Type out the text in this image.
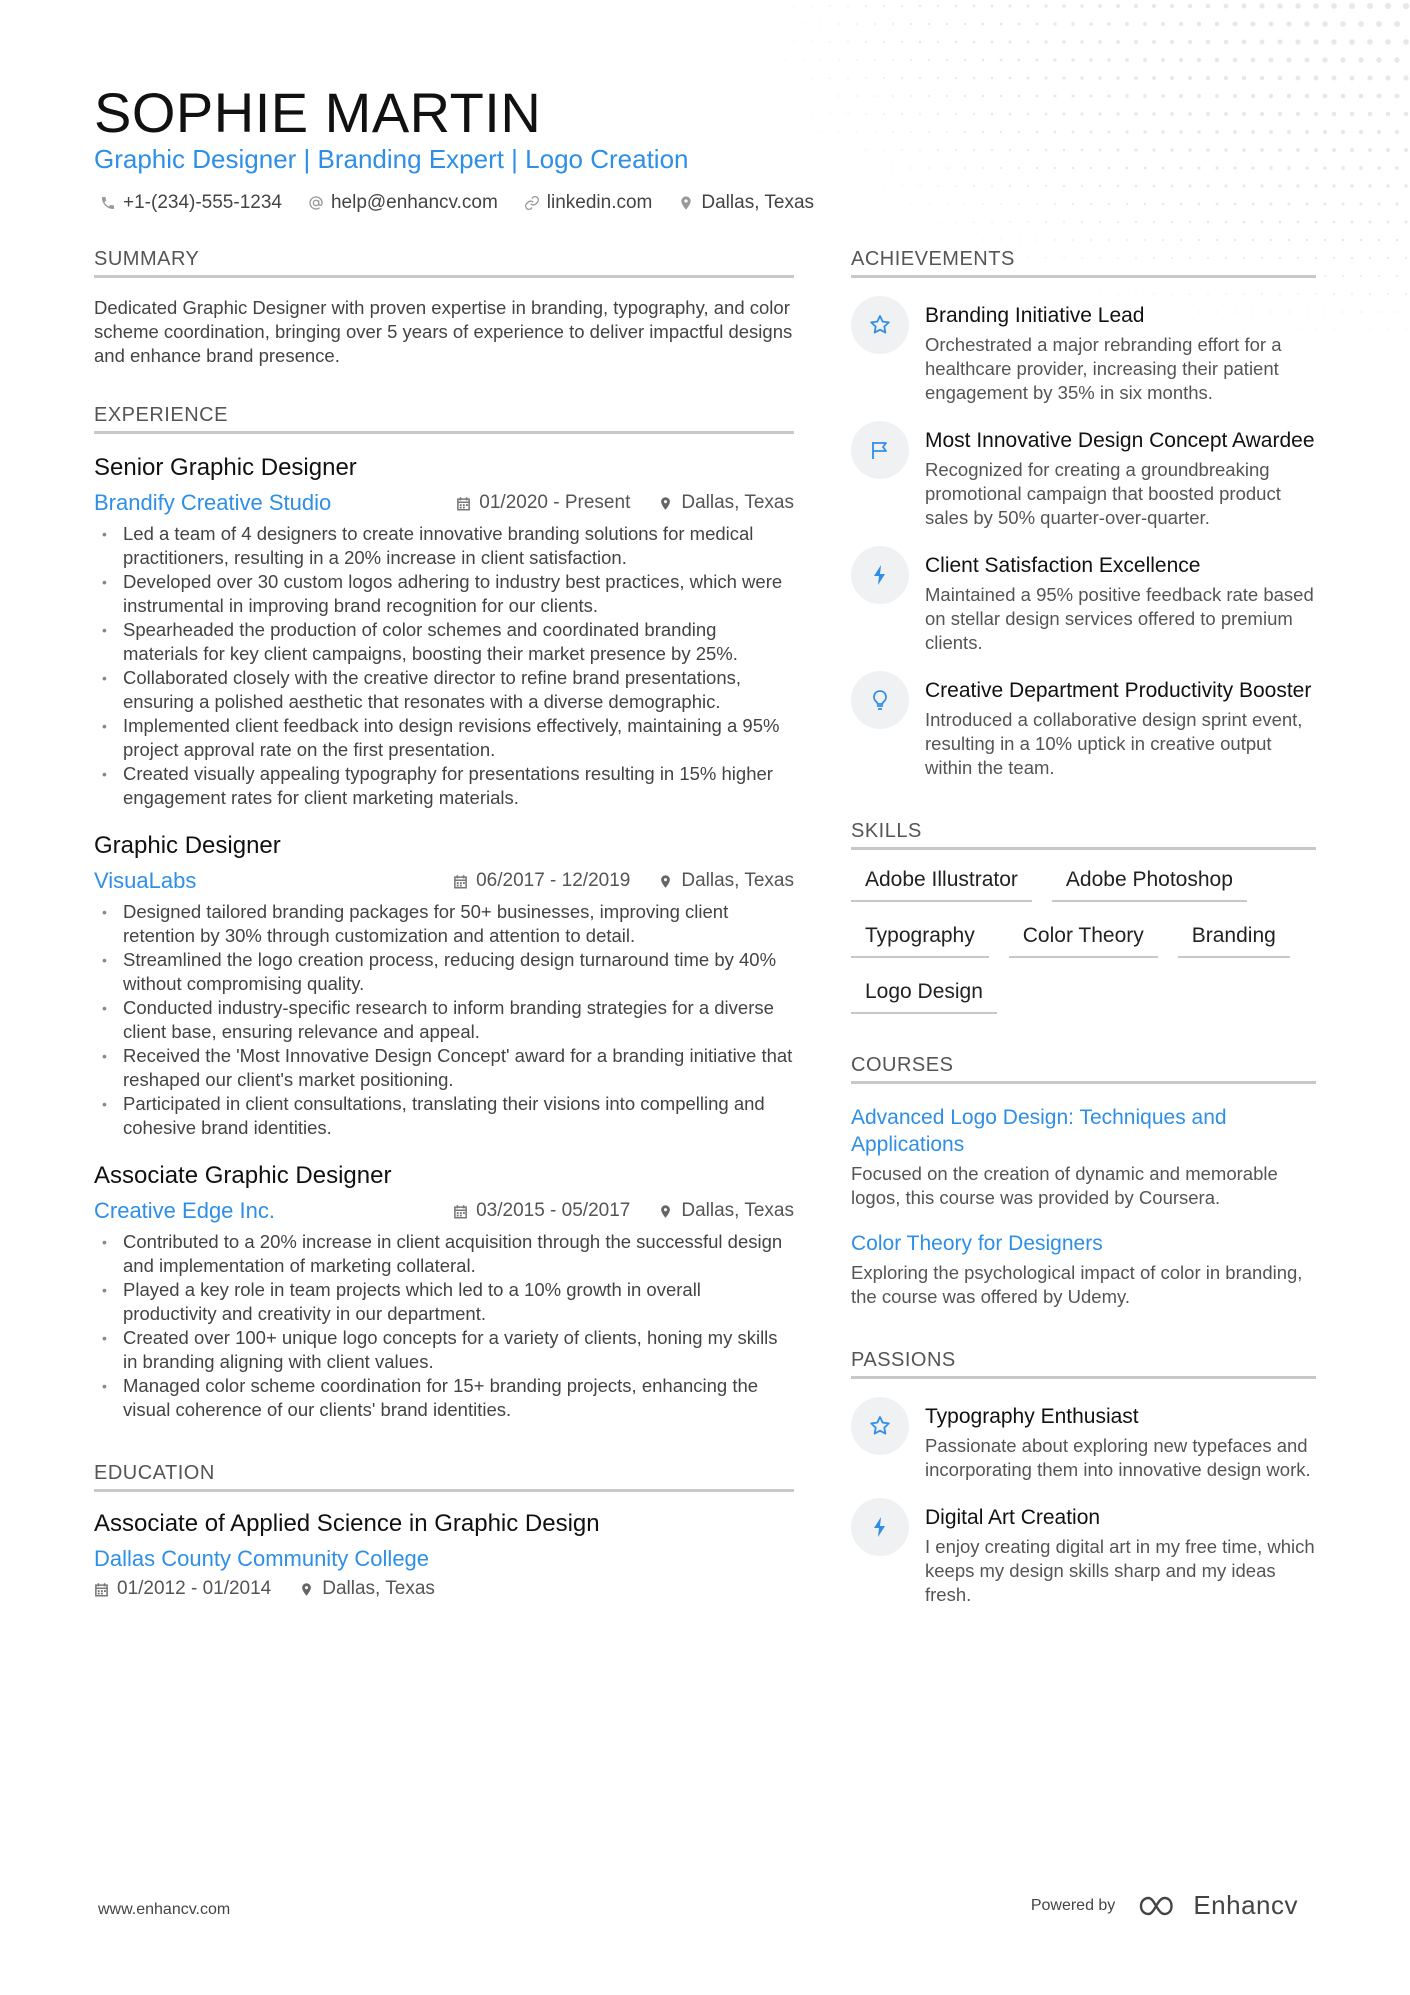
SOPHIE MARTIN
Graphic Designer | Branding Expert | Logo Creation
+1-(234)-555-1234	help@enhancv.com	linkedin.com	Dallas, Texas
SUMMARY
Dedicated Graphic Designer with proven expertise in branding, typography, and color scheme coordination, bringing over 5 years of experience to deliver impactful designs and enhance brand presence.
EXPERIENCE
Senior Graphic Designer
Brandify Creative Studio	01/2020 - Present	Dallas, Texas
• Led a team of 4 designers to create innovative branding solutions for medical practitioners, resulting in a 20% increase in client satisfaction.
• Developed over 30 custom logos adhering to industry best practices, which were instrumental in improving brand recognition for our clients.
• Spearheaded the production of color schemes and coordinated branding materials for key client campaigns, boosting their market presence by 25%.
• Collaborated closely with the creative director to refine brand presentations, ensuring a polished aesthetic that resonates with a diverse demographic.
• Implemented client feedback into design revisions effectively, maintaining a 95% project approval rate on the first presentation.
• Created visually appealing typography for presentations resulting in 15% higher engagement rates for client marketing materials.
Graphic Designer
VisuaLabs	06/2017 - 12/2019	Dallas, Texas
• Designed tailored branding packages for 50+ businesses, improving client retention by 30% through customization and attention to detail.
• Streamlined the logo creation process, reducing design turnaround time by 40% without compromising quality.
• Conducted industry-specific research to inform branding strategies for a diverse client base, ensuring relevance and appeal.
• Received the 'Most Innovative Design Concept' award for a branding initiative that reshaped our client's market positioning.
• Participated in client consultations, translating their visions into compelling and cohesive brand identities.
Associate Graphic Designer
Creative Edge Inc.	03/2015 - 05/2017	Dallas, Texas
• Contributed to a 20% increase in client acquisition through the successful design and implementation of marketing collateral.
• Played a key role in team projects which led to a 10% growth in overall productivity and creativity in our department.
• Created over 100+ unique logo concepts for a variety of clients, honing my skills in branding aligning with client values.
• Managed color scheme coordination for 15+ branding projects, enhancing the visual coherence of our clients' brand identities.
EDUCATION
Associate of Applied Science in Graphic Design
Dallas County Community College
01/2012 - 01/2014	Dallas, Texas
ACHIEVEMENTS
Branding Initiative Lead
Orchestrated a major rebranding effort for a healthcare provider, increasing their patient engagement by 35% in six months.
Most Innovative Design Concept Awardee
Recognized for creating a groundbreaking promotional campaign that boosted product sales by 50% quarter-over-quarter.
Client Satisfaction Excellence
Maintained a 95% positive feedback rate based on stellar design services offered to premium clients.
Creative Department Productivity Booster
Introduced a collaborative design sprint event, resulting in a 10% uptick in creative output within the team.
SKILLS
Adobe Illustrator	Adobe Photoshop
Typography	Color Theory	Branding
Logo Design
COURSES
Advanced Logo Design: Techniques and Applications
Focused on the creation of dynamic and memorable logos, this course was provided by Coursera.
Color Theory for Designers
Exploring the psychological impact of color in branding, the course was offered by Udemy.
PASSIONS
Typography Enthusiast
Passionate about exploring new typefaces and incorporating them into innovative design work.
Digital Art Creation
I enjoy creating digital art in my free time, which keeps my design skills sharp and my ideas fresh.
www.enhancv.com	Powered by	Enhancv
